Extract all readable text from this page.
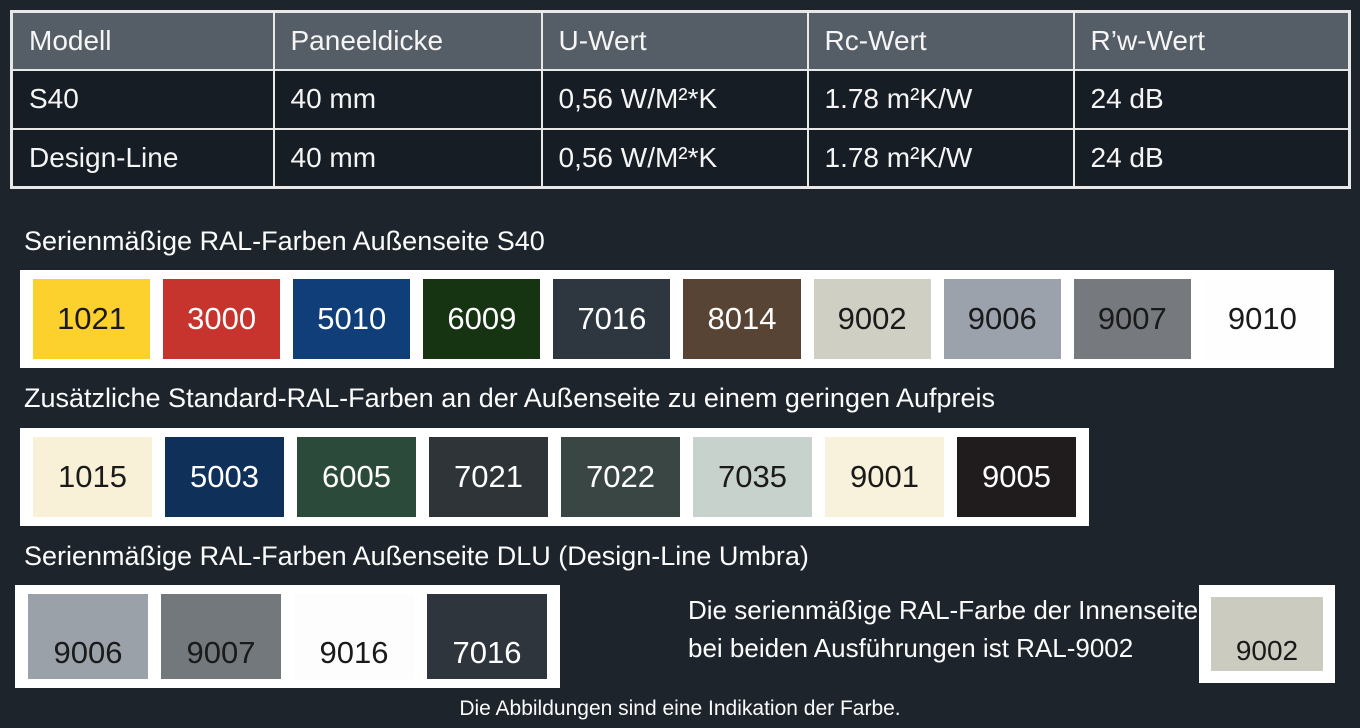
Modell	Paneeldicke	U-Wert	Rc-Wert	R’w-Wert
S40	40 mm	0,56 W/M²*K	1.78 m²K/W	24 dB
Design-Line	40 mm	0,56 W/M²*K	1.78 m²K/W	24 dB
Serienmäßige RAL-Farben Außenseite S40
1021	3000	5010	6009	7016	8014	9002	9006	9007	9010
Zusätzliche Standard-RAL-Farben an der Außenseite zu einem geringen Aufpreis
1015	5003	6005	7021	7022	7035	9001	9005
Serienmäßige RAL-Farben Außenseite DLU (Design-Line Umbra)
9006	9007	9016	7016
Die serienmäßige RAL-Farbe der Innenseite
bei beiden Ausführungen ist RAL-9002	9002
Die Abbildungen sind eine Indikation der Farbe.
